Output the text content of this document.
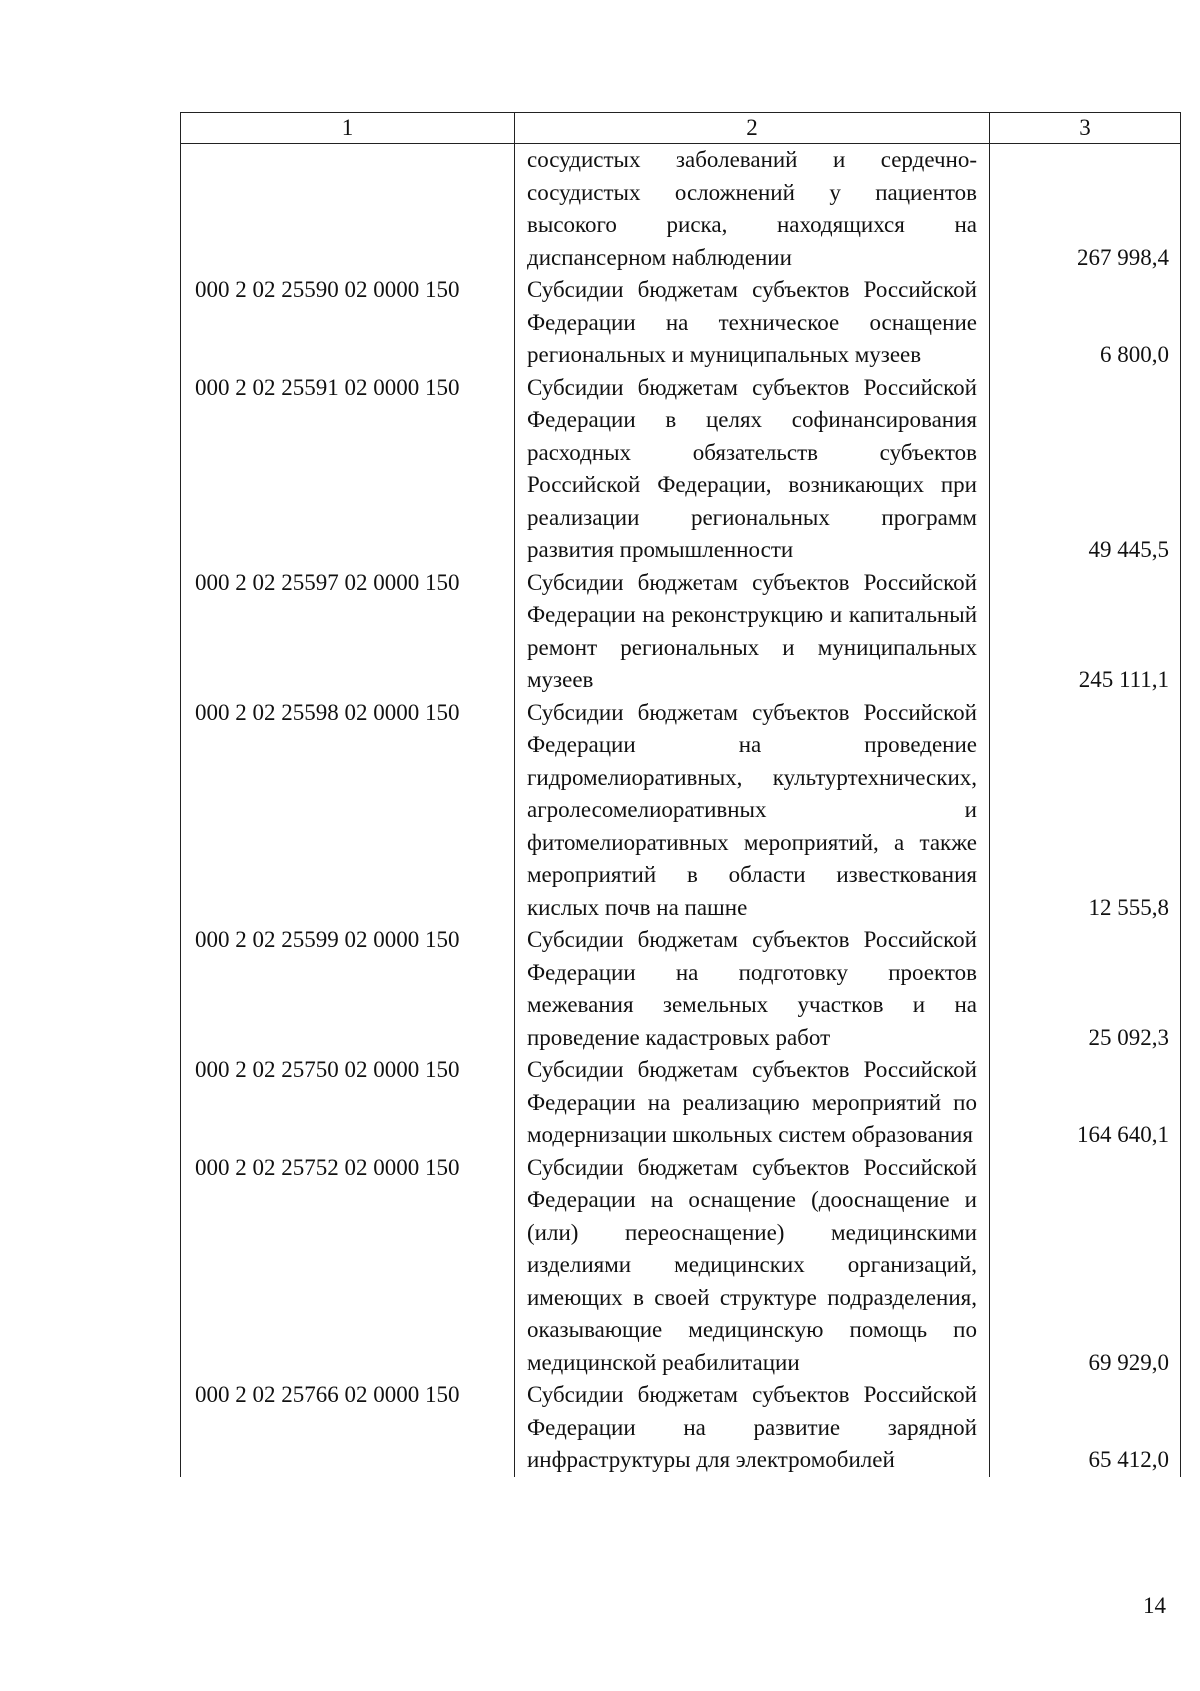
1	2	3
	сосудистых заболеваний и сердечно-сосудистых осложнений у пациентов высокого риска, находящихся на диспансерном наблюдении	267 998,4
000 2 02 25590 02 0000 150	Субсидии бюджетам субъектов Российской Федерации на техническое оснащение региональных и муниципальных музеев	6 800,0
000 2 02 25591 02 0000 150	Субсидии бюджетам субъектов Российской Федерации в целях софинансирования расходных обязательств субъектов Российской Федерации, возникающих при реализации региональных программ развития промышленности	49 445,5
000 2 02 25597 02 0000 150	Субсидии бюджетам субъектов Российской Федерации на реконструкцию и капитальный ремонт региональных и муниципальных музеев	245 111,1
000 2 02 25598 02 0000 150	Субсидии бюджетам субъектов Российской Федерации на проведение гидромелиоративных, культуртехнических, агролесомелиоративных и фитомелиоративных мероприятий, а также мероприятий в области известкования кислых почв на пашне	12 555,8
000 2 02 25599 02 0000 150	Субсидии бюджетам субъектов Российской Федерации на подготовку проектов межевания земельных участков и на проведение кадастровых работ	25 092,3
000 2 02 25750 02 0000 150	Субсидии бюджетам субъектов Российской Федерации на реализацию мероприятий по модернизации школьных систем образования	164 640,1
000 2 02 25752 02 0000 150	Субсидии бюджетам субъектов Российской Федерации на оснащение (дооснащение и (или) переоснащение) медицинскими изделиями медицинских организаций, имеющих в своей структуре подразделения, оказывающие медицинскую помощь по медицинской реабилитации	69 929,0
000 2 02 25766 02 0000 150	Субсидии бюджетам субъектов Российской Федерации на развитие зарядной инфраструктуры для электромобилей	65 412,0
14
